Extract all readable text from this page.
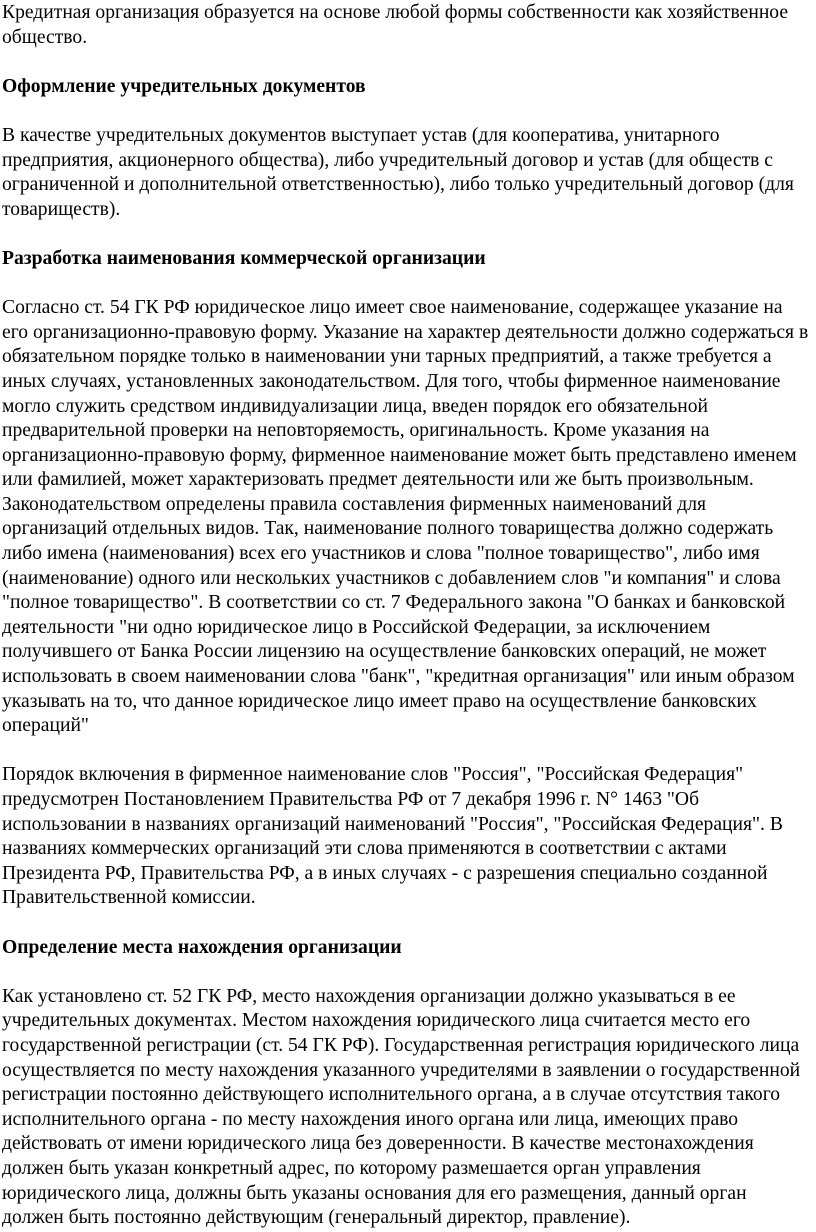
Кредитная организация образуется на основе любой формы собственности как хозяйственное общество.

Оформление учредительных документов

В качестве учредительных документов выступает устав (для кооператива, унитарного предприятия, акционерного общества), либо учредительный договор и устав (для обществ с ограниченной и дополнительной ответственностью), либо только учредительный договор (для товариществ).

Разработка наименования коммерческой организации

Согласно ст. 54 ГК РФ юридическое лицо имеет свое наименование, содержащее указание на его организационно-правовую форму. Указание на характер деятельности должно содержаться в обязательном порядке только в наименовании уни тарных предприятий, а также требуется а иных случаях, установленных законодательством. Для того, чтобы фирменное наименование могло служить средством индивидуализации лица, введен порядок его обязательной предварительной проверки на неповторяемость, оригинальность. Кроме указания на организационно-правовую форму, фирменное наименование может быть представлено именем или фамилией, может характеризовать предмет деятельности или же быть произвольным. Законодательством определены правила составления фирменных наименований для организаций отдельных видов. Так, наименование полного товарищества должно содержать либо имена (наименования) всех его участников и слова "полное товарищество", либо имя (наименование) одного или нескольких участников с добавлением слов "и компания" и слова "полное товарищество". В соответствии со ст. 7 Федерального закона "О банках и банковской деятельности "ни одно юридическое лицо в Российской Федерации, за исключением получившего от Банка России лицензию на осуществление банковских операций, не может использовать в своем наименовании слова "банк", "кредитная организация" или иным образом указывать на то, что данное юридическое лицо имеет право на осуществление банковских операций"

Порядок включения в фирменное наименование слов "Россия", "Российская Федерация" предусмотрен Постановлением Правительства РФ от 7 декабря 1996 г. N° 1463 "Об использовании в названиях организаций наименований "Россия", "Российская Федерация". В названиях коммерческих организаций эти слова применяются в соответствии с актами Президента РФ, Правительства РФ, а в иных случаях - с разрешения специально созданной Правительственной комиссии.

Определение места нахождения организации

Как установлено ст. 52 ГК РФ, место нахождения организации должно указываться в ее учредительных документах. Местом нахождения юридического лица считается место его государственной регистрации (ст. 54 ГК РФ). Государственная регистрация юридического лица осуществляется по месту нахождения указанного учредителями в заявлении о государственной регистрации постоянно действующего исполнительного органа, а в случае отсутствия такого исполнительного органа - по месту нахождения иного органа или лица, имеющих право действовать от имени юридического лица без доверенности. В качестве местонахождения должен быть указан конкретный адрес, по которому размешается орган управления юридического лица, должны быть указаны основания для его размещения, данный орган должен быть постоянно действующим (генеральный директор, правление).
